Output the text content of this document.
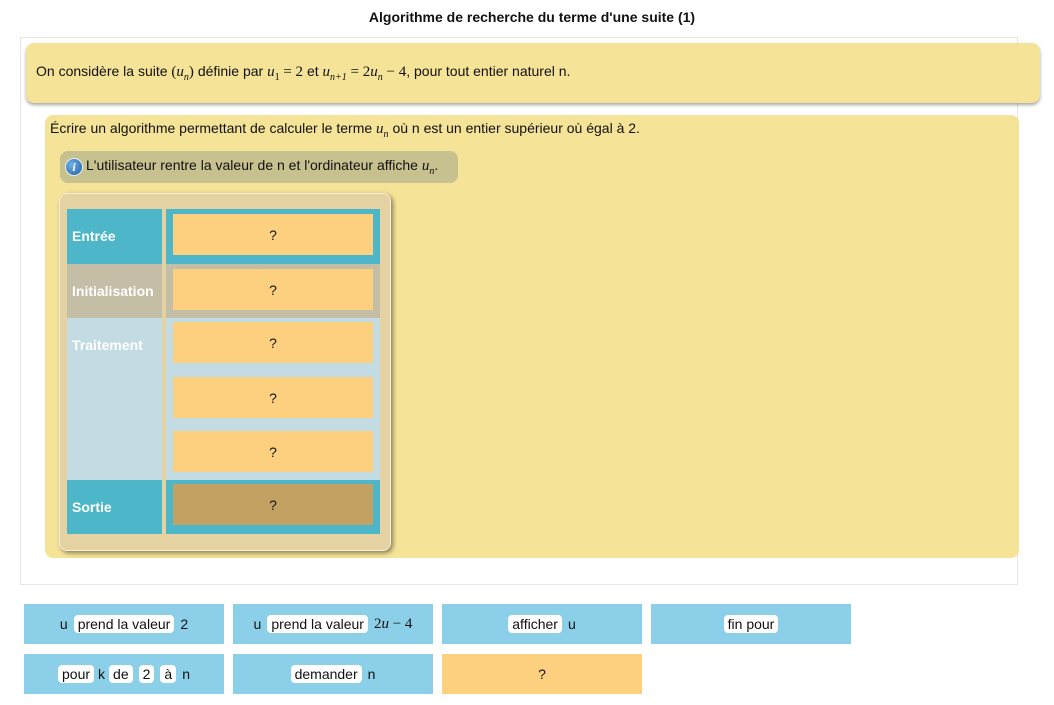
Algorithme de recherche du terme d'une suite (1)
On considère la suite $(u_n)$ définie par $u_1 = 2$ et $u_{n+1} = 2u_n - 4$, pour tout entier naturel n.
Écrire un algorithme permettant de calculer le terme $u_n$ où n est un entier supérieur où égal à 2.
i L'utilisateur rentre la valeur de n et l'ordinateur affiche $u_n$.
Entrée	?
Initialisation	?
Traitement	?
?
?
Sortie	?
u prend la valeur 2	u prend la valeur 2u − 4	afficher u	fin pour
pour k de 2 à n	demander n	?
